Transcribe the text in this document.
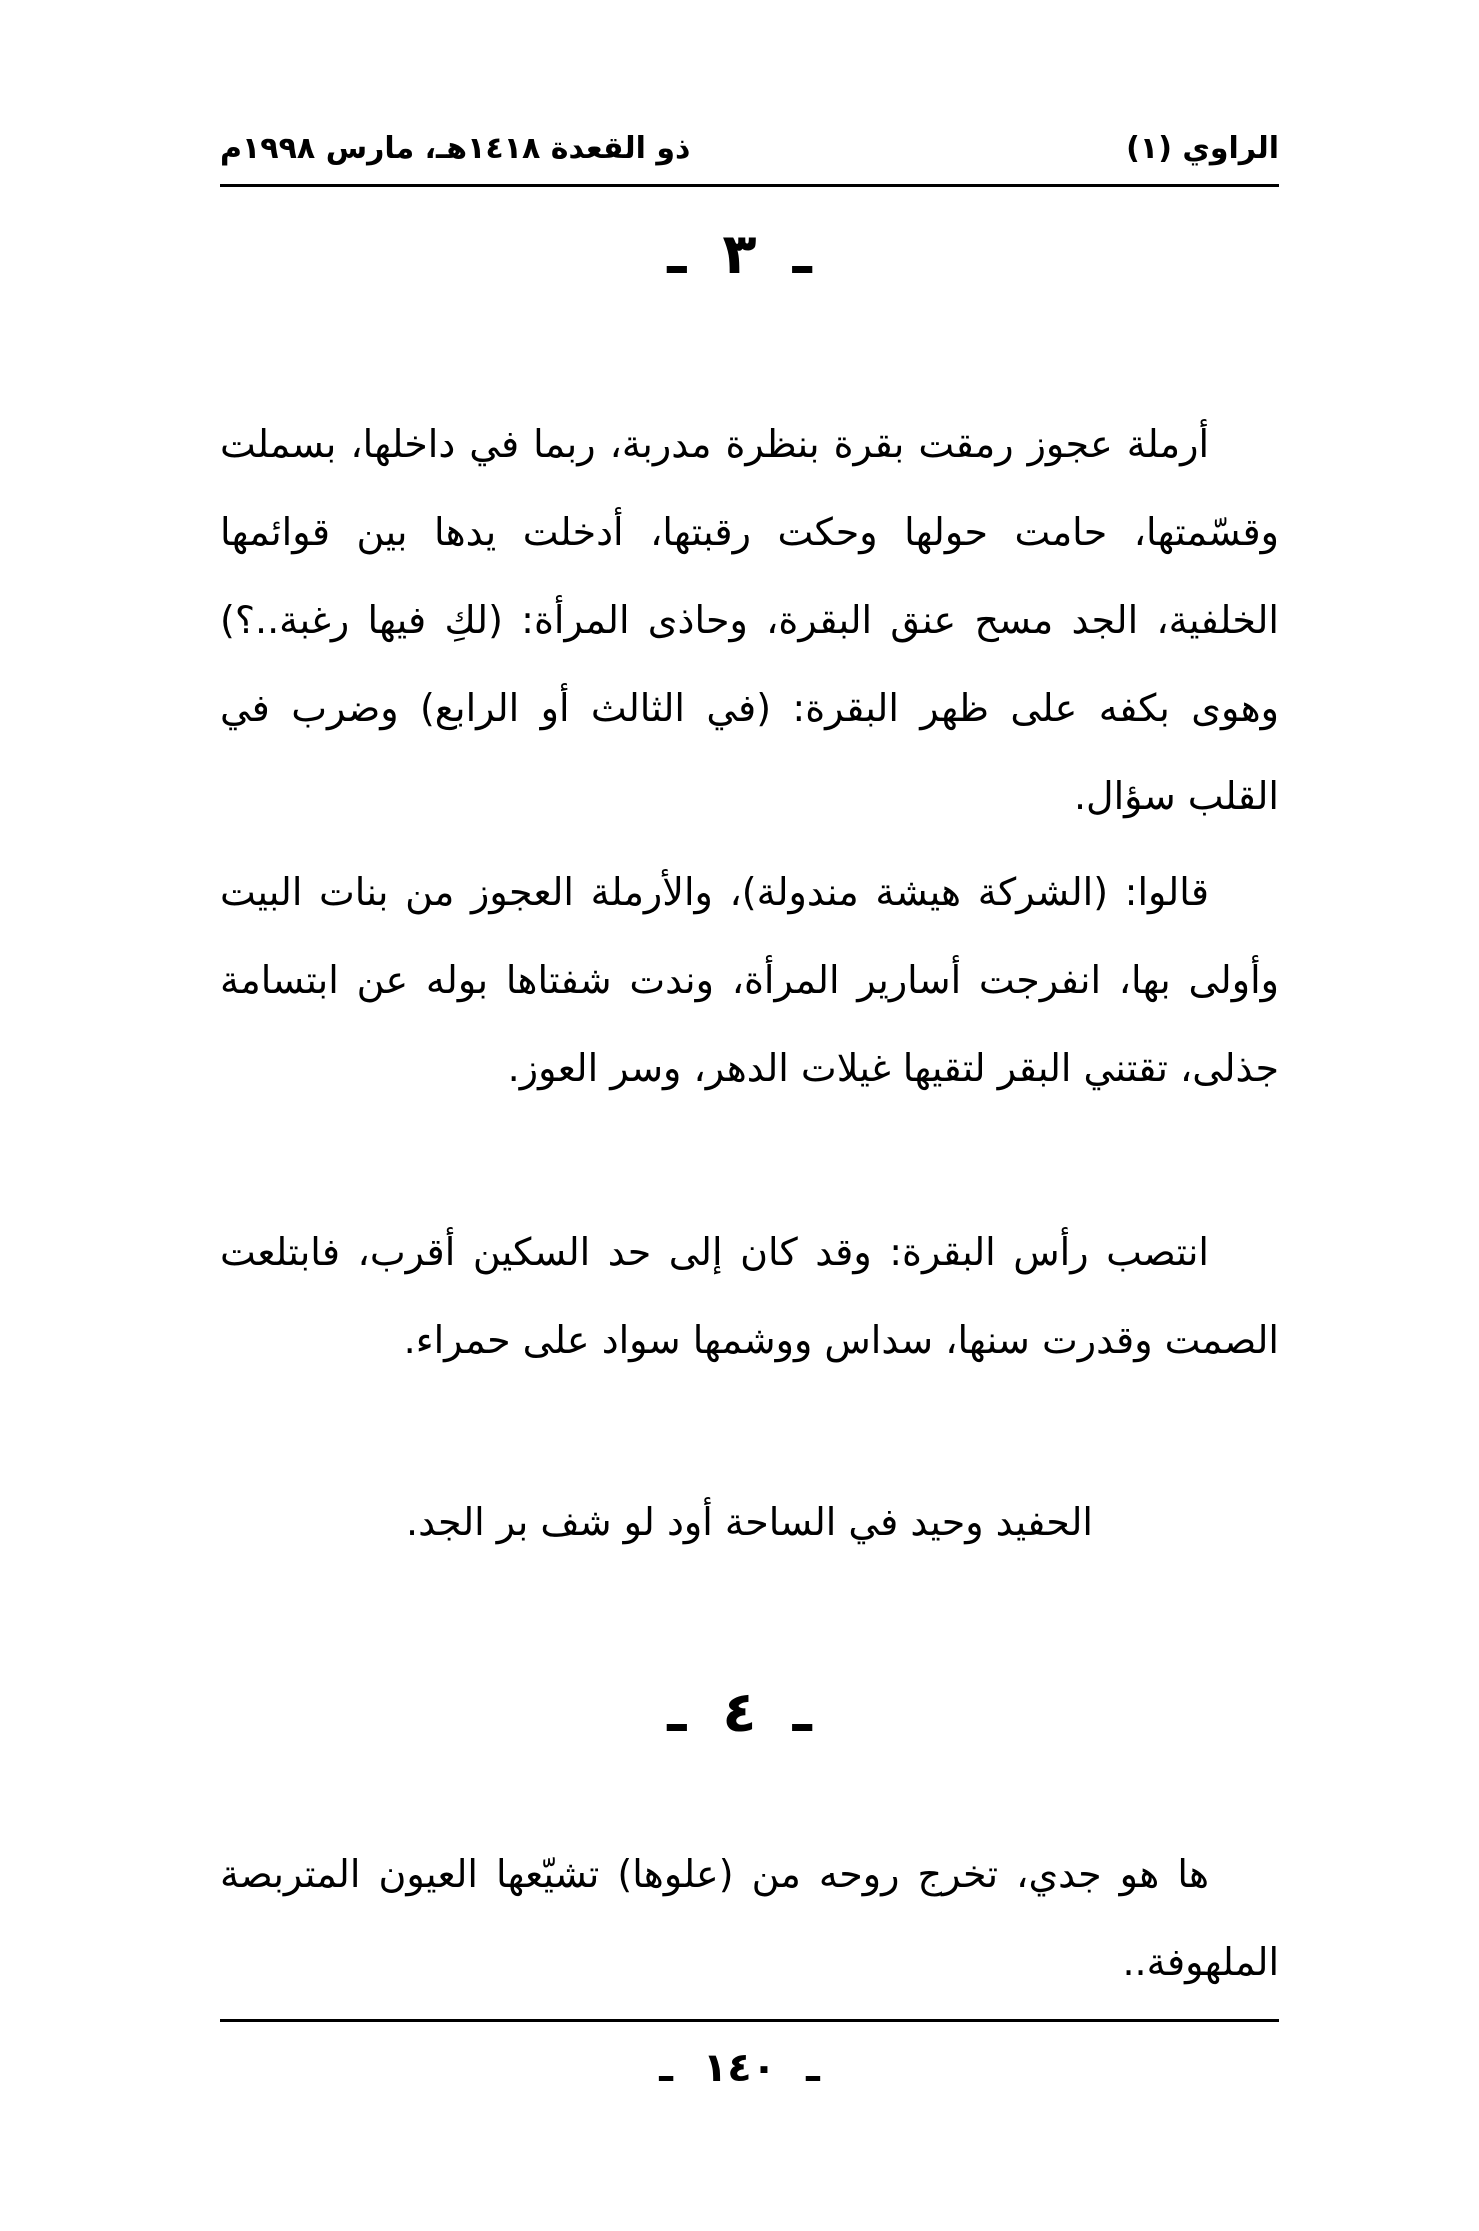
الراوي (١)
ذو القعدة ١٤١٨هـ، مارس ١٩٩٨م
ـ٣ـ

أرملة عجوز رمقت بقرة بنظرة مدربة، ربما في داخلها، بسملت وقسّمتها، حامت حولها وحكت رقبتها، أدخلت يدها بين قوائمها الخلفية، الجد مسح عنق البقرة، وحاذى المرأة: (لكِ فيها رغبة..؟) وهوى بكفه على ظهر البقرة: (في الثالث أو الرابع) وضرب في القلب سؤال.

قالوا: (الشركة هيشة مندولة)، والأرملة العجوز من بنات البيت وأولى بها، انفرجت أسارير المرأة، وندت شفتاها بوله عن ابتسامة جذلى، تقتني البقر لتقيها غيلات الدهر، وسر العوز.

انتصب رأس البقرة: وقد كان إلى حد السكين أقرب، فابتلعت الصمت وقدرت سنها، سداس ووشمها سواد على حمراء.

الحفيد وحيد في الساحة أود لو شف بر الجد.
ـ٤ـ

ها هو جدي، تخرج روحه من (علوها) تشيّعها العيون المتربصة الملهوفة..

ـ١٤٠ـ
